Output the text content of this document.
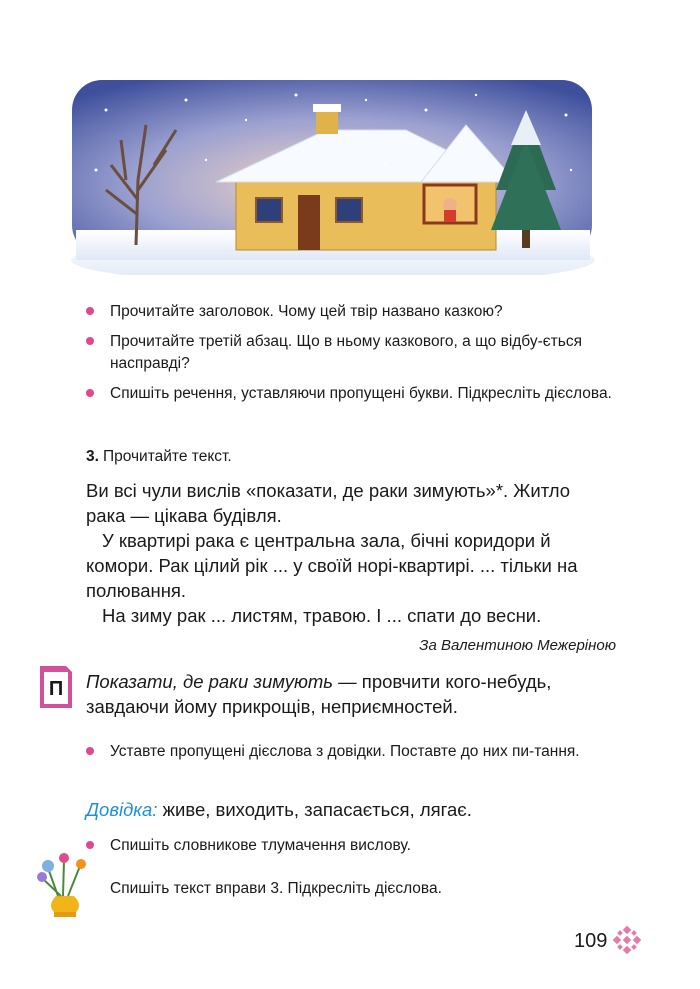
Прочитайте заголовок. Чому цей твір названо казкою?
Прочитайте третій абзац. Що в ньому казкового, а що відбу-ється насправді?
Спишіть речення, уставляючи пропущені букви. Підкресліть дієслова.
3. Прочитайте текст.

Ви всі чули вислів «показати, де раки зимують»*. Житло

рака — цікава будівля.

У квартирі рака є центральна зала, бічні коридори й

комори. Рак цілий рік ... у своїй норі-квартирі. ... тільки на

полювання.

На зиму рак ... листям, травою. І ... спати до весни.

За Валентиною Межеріною
П Показати, де раки зимують — провчити кого-небудь,
завдаючи йому прикрощів, неприємностей.
Уставте пропущені дієслова з довідки. Поставте до них пи-тання.
Довідка: живе, виходить, запасається, лягає.
Спишіть словникове тлумачення вислову.
Спишіть текст вправи 3. Підкресліть дієслова.
109
